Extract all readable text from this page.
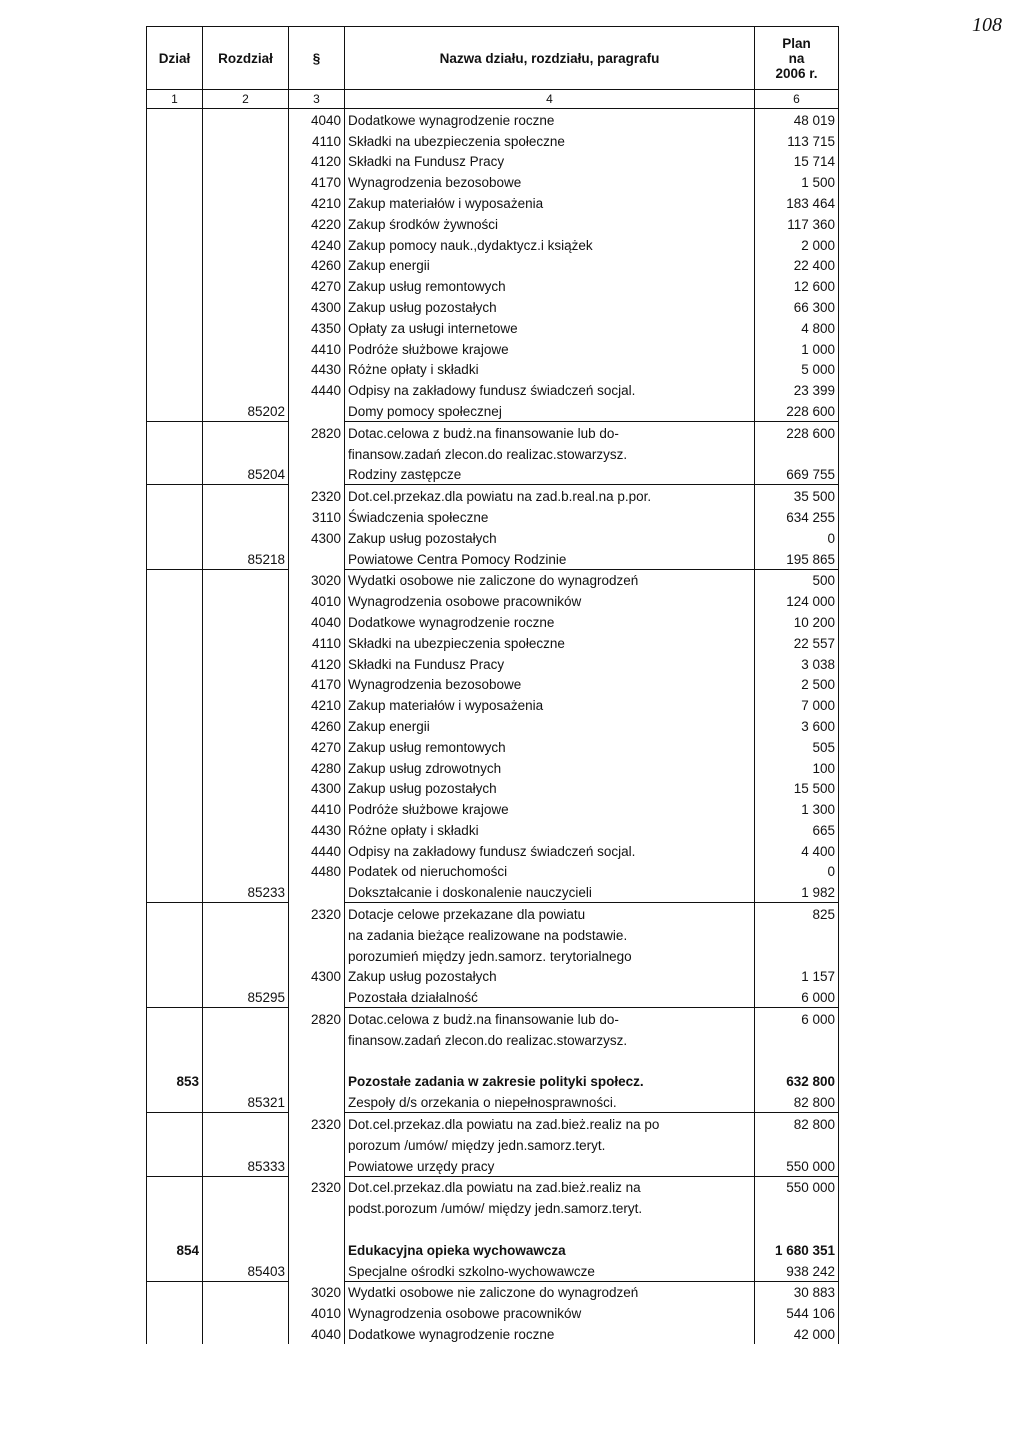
108
Dział	Rozdział	§	Nazwa działu, rozdziału, paragrafu	Plan
na
2006 r.

1	2	3	4	6
		4040	Dodatkowe wynagrodzenie roczne	48 019
		4110	Składki na ubezpieczenia społeczne	113 715
		4120	Składki na Fundusz Pracy	15 714
		4170	Wynagrodzenia bezosobowe	1 500
		4210	Zakup materiałów i wyposażenia	183 464
		4220	Zakup środków żywności	117 360
		4240	Zakup pomocy nauk.,dydaktycz.i książek	2 000
		4260	Zakup energii	22 400
		4270	Zakup usług remontowych	12 600
		4300	Zakup usług pozostałych	66 300
		4350	Opłaty za usługi internetowe	4 800
		4410	Podróże służbowe krajowe	1 000
		4430	Różne opłaty i składki	5 000
		4440	Odpisy na zakładowy fundusz świadczeń socjal.	23 399
	85202		Domy pomocy społecznej	228 600
		2820	Dotac.celowa z budż.na finansowanie lub do-	228 600
			finansow.zadań zlecon.do realizac.stowarzysz.	
	85204		Rodziny zastępcze	669 755
		2320	Dot.cel.przekaz.dla powiatu na zad.b.real.na p.por.	35 500
		3110	Świadczenia społeczne	634 255
		4300	Zakup usług pozostałych	0
	85218		Powiatowe Centra Pomocy Rodzinie	195 865
		3020	Wydatki osobowe nie zaliczone do wynagrodzeń	500
		4010	Wynagrodzenia osobowe pracowników	124 000
		4040	Dodatkowe wynagrodzenie roczne	10 200
		4110	Składki na ubezpieczenia społeczne	22 557
		4120	Składki na Fundusz Pracy	3 038
		4170	Wynagrodzenia bezosobowe	2 500
		4210	Zakup materiałów i wyposażenia	7 000
		4260	Zakup energii	3 600
		4270	Zakup usług remontowych	505
		4280	Zakup usług zdrowotnych	100
		4300	Zakup usług pozostałych	15 500
		4410	Podróże służbowe krajowe	1 300
		4430	Różne opłaty i składki	665
		4440	Odpisy na zakładowy fundusz świadczeń socjal.	4 400
		4480	Podatek od nieruchomości	0
	85233		Dokształcanie i doskonalenie nauczycieli	1 982
		2320	Dotacje celowe przekazane dla powiatu	825
			na zadania bieżące realizowane na podstawie.	
			porozumień między jedn.samorz. terytorialnego	
		4300	Zakup usług pozostałych	1 157
	85295		Pozostała działalność	6 000
		2820	Dotac.celowa z budż.na finansowanie lub do-	6 000
			finansow.zadań zlecon.do realizac.stowarzysz.	

853			Pozostałe zadania w zakresie polityki społecz.	632 800
	85321		Zespoły d/s orzekania o niepełnosprawności.	82 800
		2320	Dot.cel.przekaz.dla powiatu na zad.bież.realiz na po	82 800
			porozum /umów/ między jedn.samorz.teryt.	
	85333		Powiatowe urzędy pracy	550 000
		2320	Dot.cel.przekaz.dla powiatu na zad.bież.realiz na	550 000
			podst.porozum /umów/ między jedn.samorz.teryt.	

854			Edukacyjna opieka wychowawcza	1 680 351
	85403		Specjalne ośrodki szkolno-wychowawcze	938 242
		3020	Wydatki osobowe nie zaliczone do wynagrodzeń	30 883
		4010	Wynagrodzenia osobowe pracowników	544 106
		4040	Dodatkowe wynagrodzenie roczne	42 000
